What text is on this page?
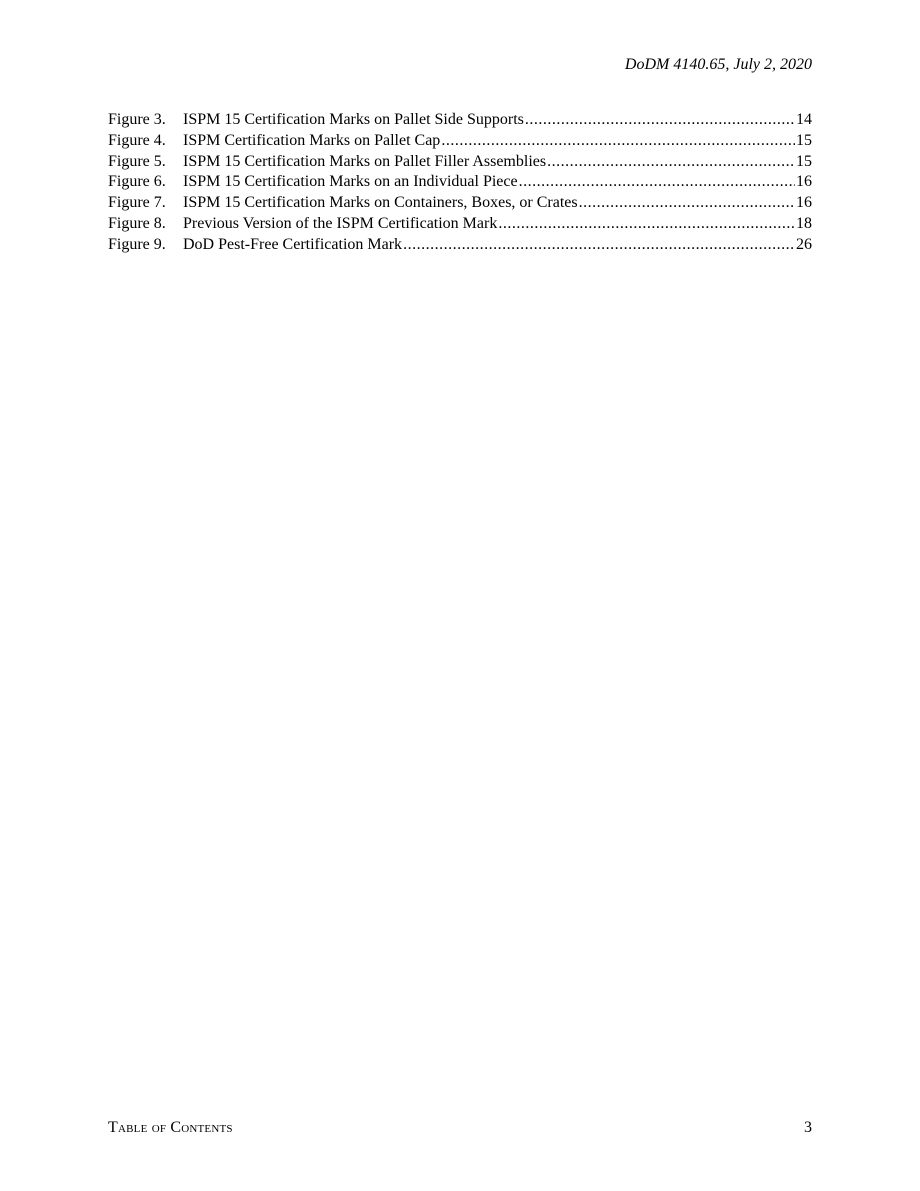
DoDM 4140.65, July 2, 2020
Figure 3. ISPM 15 Certification Marks on Pallet Side Supports .....	14
Figure 4. ISPM Certification Marks on Pallet Cap .....	15
Figure 5. ISPM 15 Certification Marks on Pallet Filler Assemblies .....	15
Figure 6. ISPM 15 Certification Marks on an Individual Piece .....	16
Figure 7. ISPM 15 Certification Marks on Containers, Boxes, or Crates .....	16
Figure 8. Previous Version of the ISPM Certification Mark .....	18
Figure 9. DoD Pest-Free Certification Mark .....	26
Table of Contents	3
